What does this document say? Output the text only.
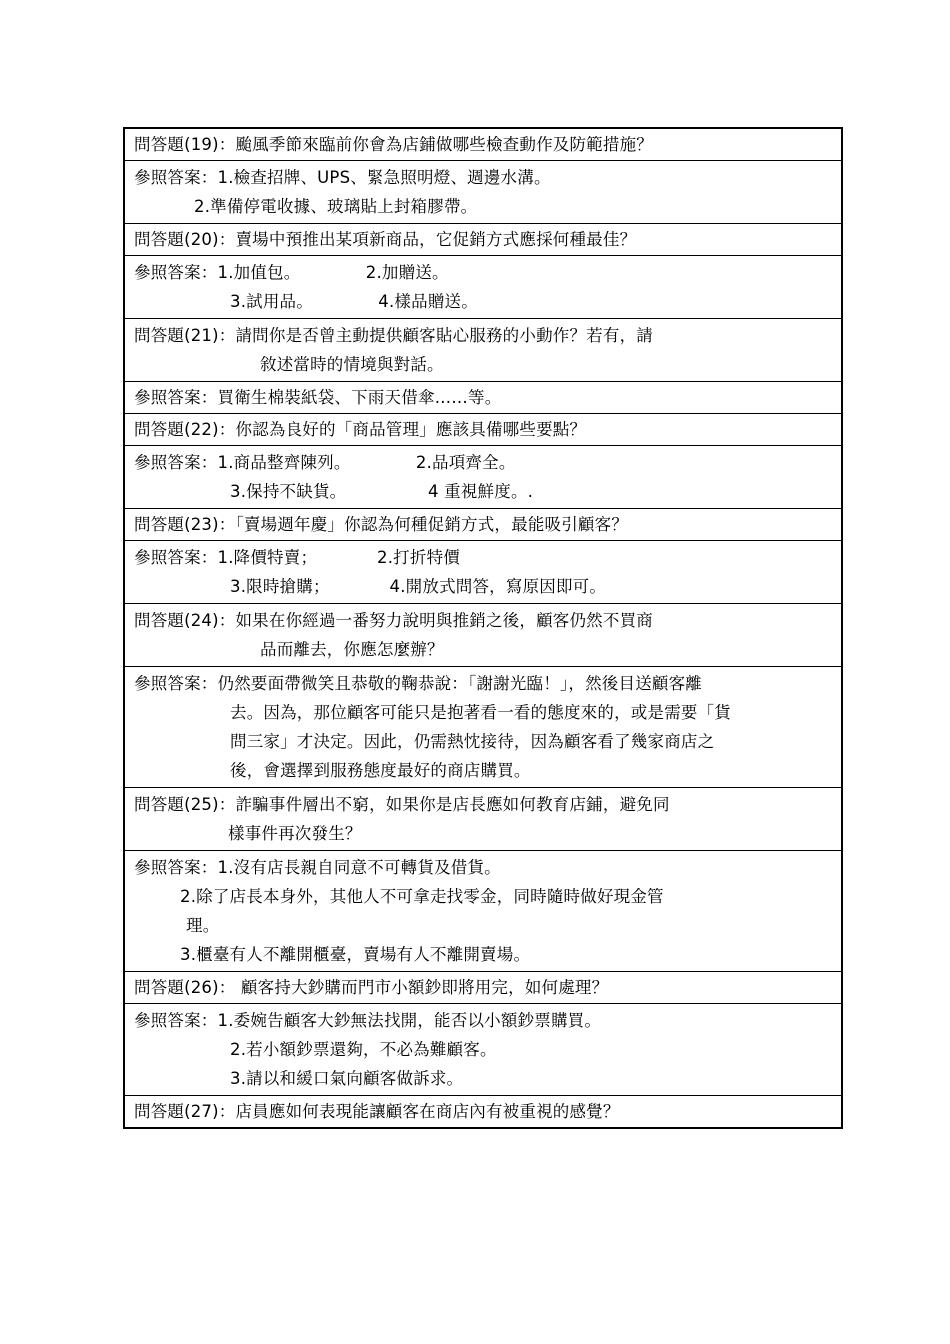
問答題(19)：颱風季節來臨前你會為店鋪做哪些檢查動作及防範措施？
參照答案：1.檢查招牌、UPS、緊急照明燈、週邊水溝。
2.準備停電收據、玻璃貼上封箱膠帶。
問答題(20)：賣場中預推出某項新商品，它促銷方式應採何種最佳？
參照答案：1.加值包。            2.加贈送。
3.試用品。            4.樣品贈送。
問答題(21)：請問你是否曾主動提供顧客貼心服務的小動作？若有，請
敘述當時的情境與對話。
參照答案：買衛生棉裝紙袋、下雨天借傘……等。
問答題(22)：你認為良好的「商品管理」應該具備哪些要點？
參照答案：1.商品整齊陳列。            2.品項齊全。
3.保持不缺貨。               4 重視鮮度。.
問答題(23)：「賣場週年慶」你認為何種促銷方式，最能吸引顧客？
參照答案：1.降價特賣；           2.打折特價
3.限時搶購；           4.開放式問答，寫原因即可。
問答題(24)：如果在你經過一番努力說明與推銷之後，顧客仍然不買商
品而離去，你應怎麼辦？
參照答案：仍然要面帶微笑且恭敬的鞠恭說：「謝謝光臨！」，然後目送顧客離
去。因為，那位顧客可能只是抱著看一看的態度來的，或是需要「貨
問三家」才決定。因此，仍需熱忱接待，因為顧客看了幾家商店之
後，會選擇到服務態度最好的商店購買。
問答題(25)：詐騙事件層出不窮，如果你是店長應如何教育店鋪，避免同
樣事件再次發生？
參照答案：1.沒有店長親自同意不可轉貨及借貨。
2.除了店長本身外，其他人不可拿走找零金，同時隨時做好現金管
理。
3.櫃臺有人不離開櫃臺，賣場有人不離開賣場。
問答題(26)： 顧客持大鈔購而門市小額鈔即將用完，如何處理？
參照答案：1.委婉告顧客大鈔無法找開，能否以小額鈔票購買。
2.若小額鈔票還夠，不必為難顧客。
3.請以和緩口氣向顧客做訴求。
問答題(27)：店員應如何表現能讓顧客在商店內有被重視的感覺？
